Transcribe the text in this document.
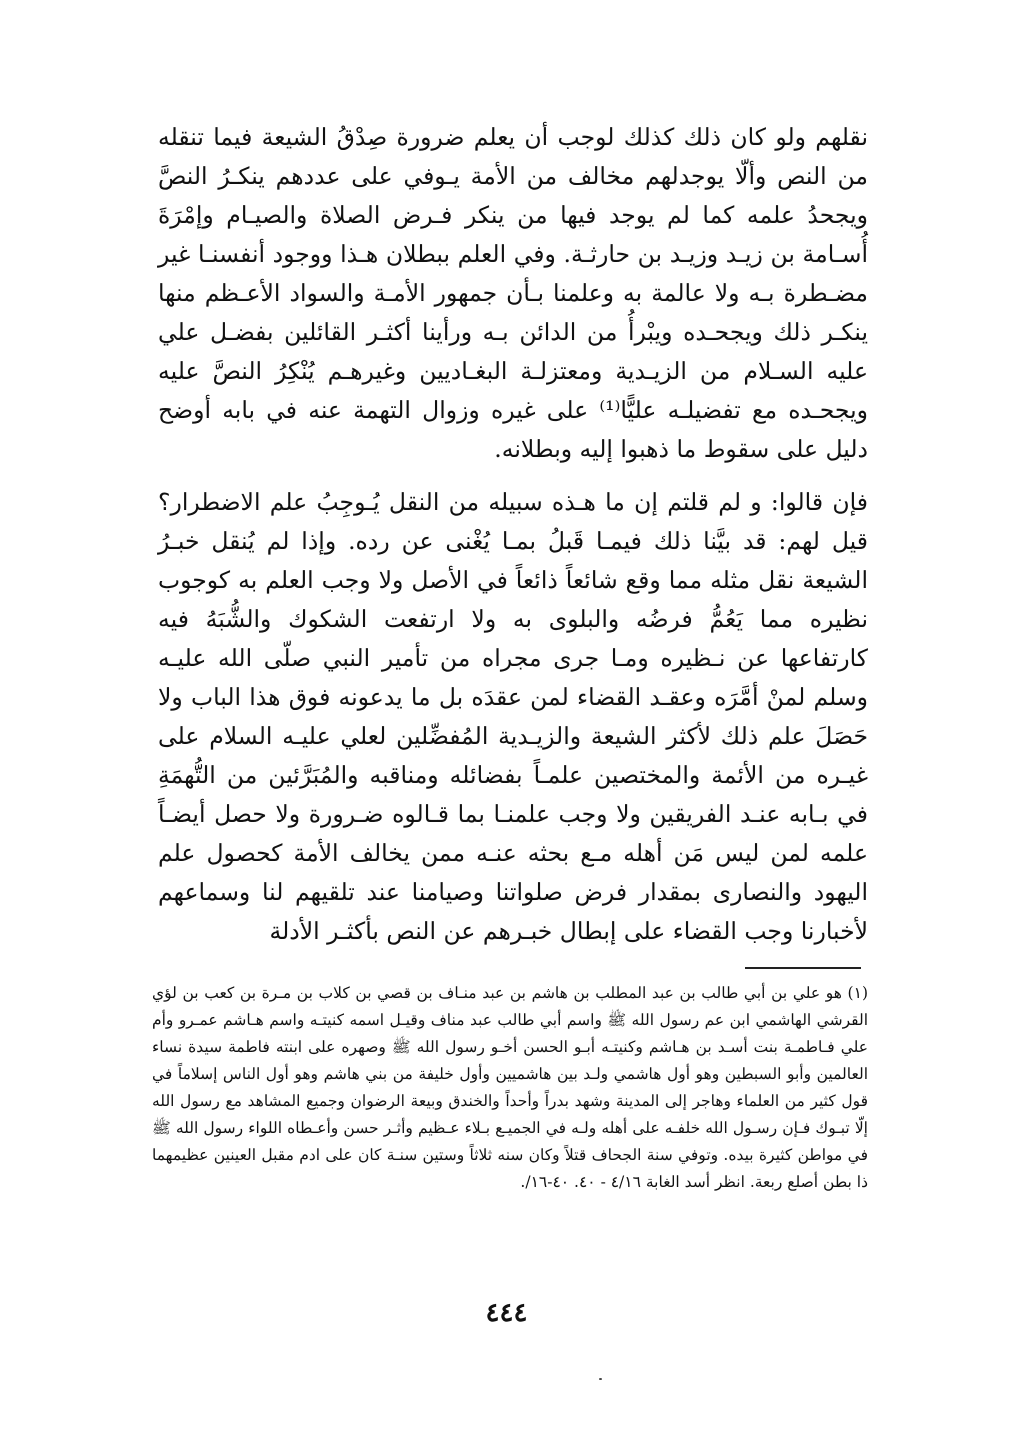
نقلهم ولو كان ذلك كذلك لوجب أن يعلم ضرورة صِدْقُ الشيعة فيما تنقله من النص وألّا يوجدلهم مخالف من الأمة يـوفي على عددهم ينكـرُ النصَّ ويجحدُ علمه كما لم يوجد فيها من ينكر فـرض الصلاة والصيـام وإمْرَةَ أُسـامة بن زيـد وزيـد بن حارثـة. وفي العلم ببطلان هـذا ووجود أنفسنـا غير مضـطرة بـه ولا عالمة به وعلمنا بـأن جمهور الأمـة والسواد الأعـظم منها ينكـر ذلك ويجحـده ويبْرأُ من الدائن بـه ورأينا أكثـر القائلين بفضـل علي عليه السـلام من الزيـدية ومعتزلـة البغـاديين وغيرهـم يُنْكِرُ النصَّ عليه ويجحـده مع تفضيلـه عليًّا⁽¹⁾ على غيره وزوال التهمة عنه في بابه أوضح دليل على سقوط ما ذهبوا إليه وبطلانه.

فإن قالوا: و لم قلتم إن ما هـذه سبيله من النقل يُـوجِبُ علم الاضطرار؟ قيل لهم: قد بيَّنا ذلك فيمـا قَبلُ بمـا يُغْنى عن رده. وإذا لم يُنقل خبـرُ الشيعة نقل مثله مما وقع شائعاً ذائعاً في الأصل ولا وجب العلم به كوجوب نظيره مما يَعُمُّ فرضُه والبلوى به ولا ارتفعت الشكوك والشُّبَهُ فيه كارتفاعها عن نـظيره ومـا جرى مجراه من تأمير النبي صلّى الله عليـه وسلم لمنْ أمَّرَه وعقـد القضاء لمن عقدَه بل ما يدعونه فوق هذا الباب ولا حَصَلَ علم ذلك لأكثر الشيعة والزيـدية المُفضِّلين لعلي عليـه السلام على غيـره من الأئمة والمختصين علمـاً بفضائله ومناقبه والمُبَرَّئين من التُّهمَةِ في بـابه عنـد الفريقين ولا وجب علمنـا بما قـالوه ضـرورة ولا حصل أيضـاً علمه لمن ليس مَن أهله مـع بحثه عنـه ممن يخالف الأمة كحصول علم اليهود والنصارى بمقدار فرض صلواتنا وصيامنا عند تلقيهم لنا وسماعهم لأخبارنا وجب القضاء على إبطال خبـرهم عن النص بأكثـر الأدلة

(١) هو علي بن أبي طالب بن عبد المطلب بن هاشم بن عبد منـاف بن قصي بن كلاب بن مـرة بن كعب بن لؤي القرشي الهاشمي ابن عم رسول الله ﷺ واسم أبي طالب عبد مناف وقيـل اسمه كنيتـه واسم هـاشم عمـرو وأم علي فـاطمـة بنت أسـد بن هـاشم وكنيتـه أبـو الحسن أخـو رسول الله ﷺ وصهره على ابنته فاطمة سيدة نساء العالمين وأبو السبطين وهو أول هاشمي ولـد بين هاشميين وأول خليفة من بني هاشم وهو أول الناس إسلاماً في قول كثير من العلماء وهاجر إلى المدينة وشهد بدراً وأحداً والخندق وبيعة الرضوان وجميع المشاهد مع رسول الله إلّا تبـوك فـإن رسـول الله خلفـه على أهله ولـه في الجميـع بـلاء عـظيم وأثـر حسن وأعـطاه اللواء رسول الله ﷺ في مواطن كثيرة بيده. وتوفي سنة الجحاف قتلاً وكان سنه ثلاثاً وستين سنـة كان على ادم مقبل العينين عظيمهما ذا بطن أصلع ربعة. انظر أسد الغابة ٤/١٦ - ٤٠. ٤٠-١٦/.

٤٤٤
